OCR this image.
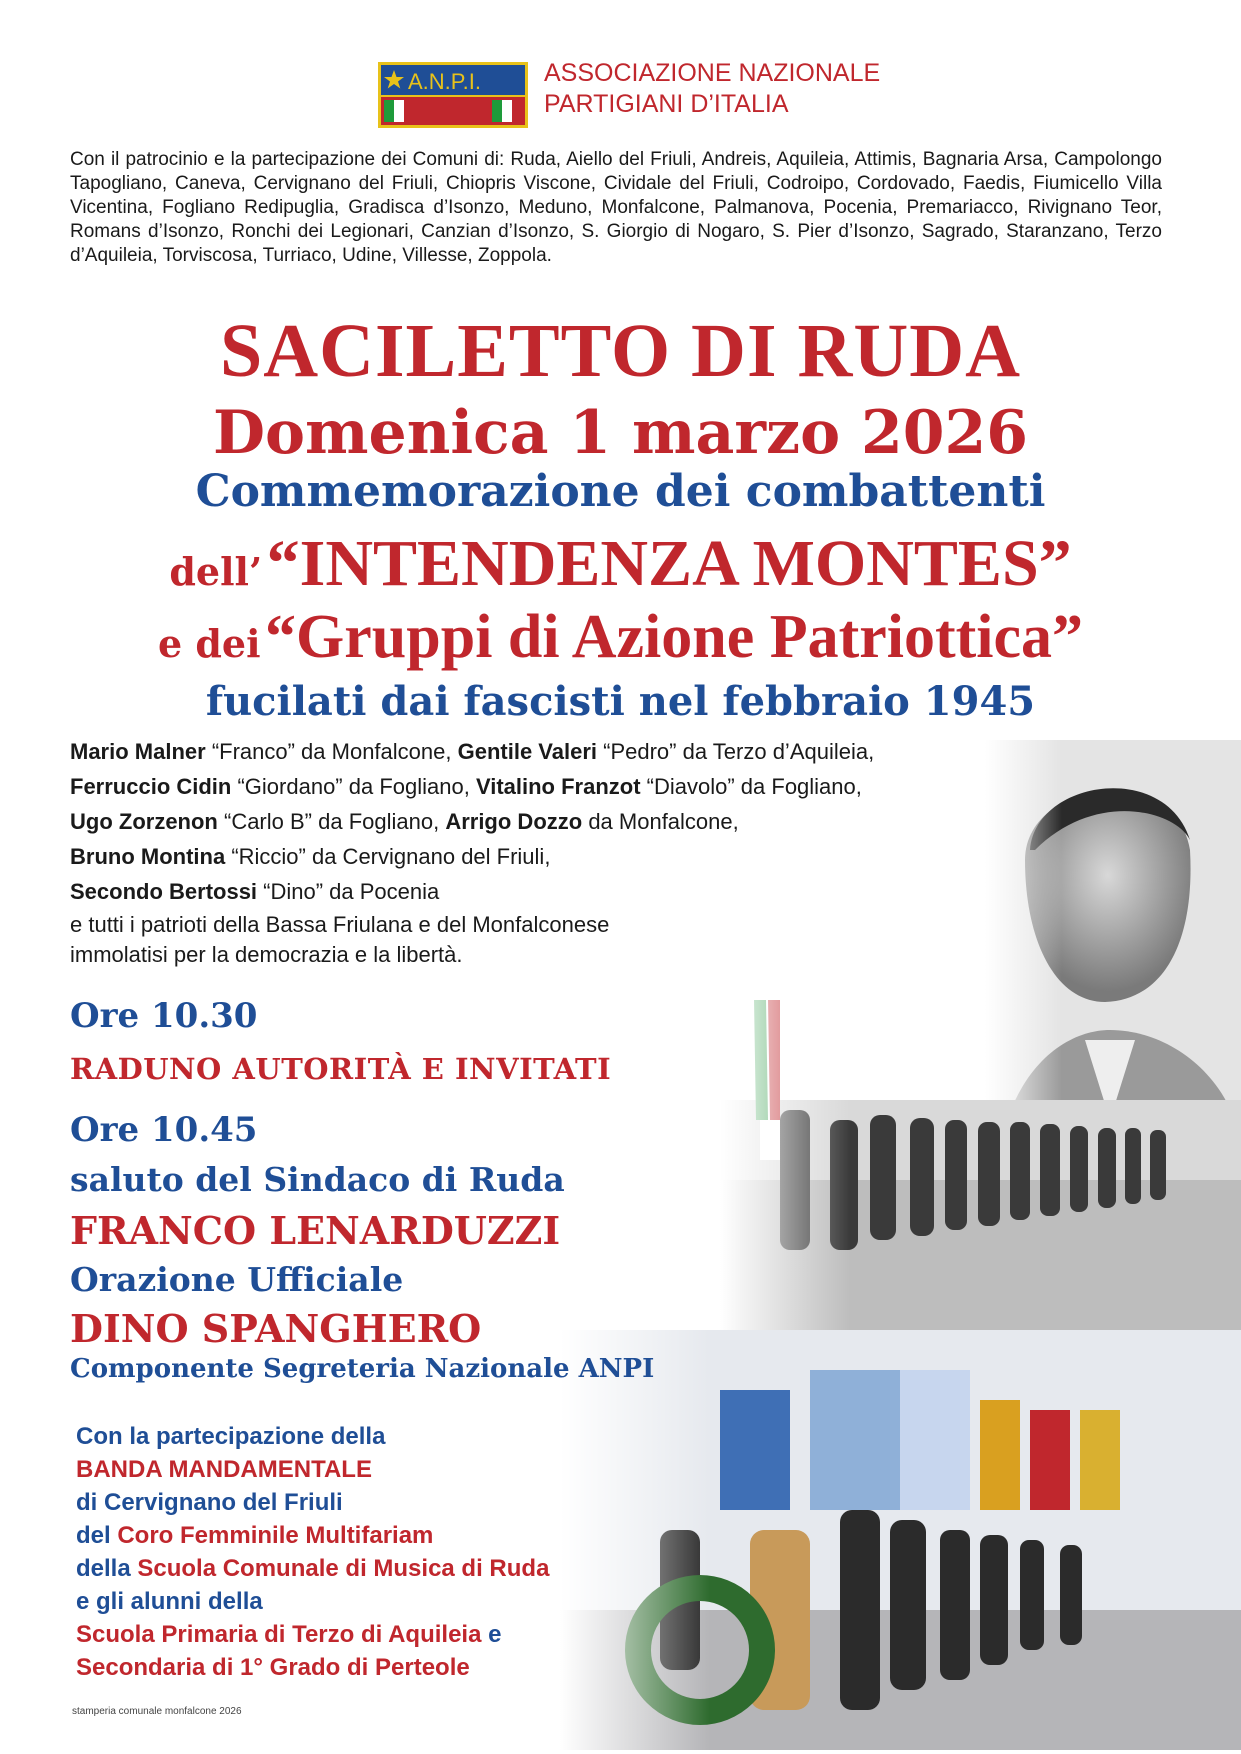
A.N.P.I.	ASSOCIAZIONE NAZIONALE
PARTIGIANI D’ITALIA
Con il patrocinio e la partecipazione dei Comuni di: Ruda, Aiello del Friuli, Andreis, Aquileia, Attimis, Bagnaria Arsa, Campolongo Tapogliano, Caneva, Cervignano del Friuli, Chiopris Viscone, Cividale del Friuli, Codroipo, Cordovado, Faedis, Fiumicello Villa Vicentina, Fogliano Redipuglia, Gradisca d’Isonzo, Meduno, Monfalcone, Palmanova, Pocenia, Premariacco, Rivignano Teor, Romans d’Isonzo, Ronchi dei Legionari, Canzian d’Isonzo, S. Giorgio di Nogaro, S. Pier d’Isonzo, Sagrado, Staranzano, Terzo d’Aquileia, Torviscosa, Turriaco, Udine, Villesse, Zoppola.
SACILETTO DI RUDA
Domenica 1 marzo 2026
Commemorazione dei combattenti
dell’ “INTENDENZA MONTES”
e dei “Gruppi di Azione Patriottica”
fucilati dai fascisti nel febbraio 1945
Mario Malner “Franco” da Monfalcone, Gentile Valeri “Pedro” da Terzo d’Aquileia,
Ferruccio Cidin “Giordano” da Fogliano, Vitalino Franzot “Diavolo” da Fogliano,
Ugo Zorzenon “Carlo B” da Fogliano, Arrigo Dozzo da Monfalcone,
Bruno Montina “Riccio” da Cervignano del Friuli,
Secondo Bertossi “Dino” da Pocenia
e tutti i patrioti della Bassa Friulana e del Monfalconese
immolatisi per la democrazia e la libertà.
Ore 10.30
RADUNO AUTORITÀ E INVITATI
Ore 10.45
saluto del Sindaco di Ruda
FRANCO LENARDUZZI
Orazione Ufficiale
DINO SPANGHERO
Componente Segreteria Nazionale ANPI
Con la partecipazione della
BANDA MANDAMENTALE
di Cervignano del Friuli
del Coro Femminile Multifariam
della Scuola Comunale di Musica di Ruda
e gli alunni della
Scuola Primaria di Terzo di Aquileia e
Secondaria di 1° Grado di Perteole
stamperia comunale monfalcone 2026
